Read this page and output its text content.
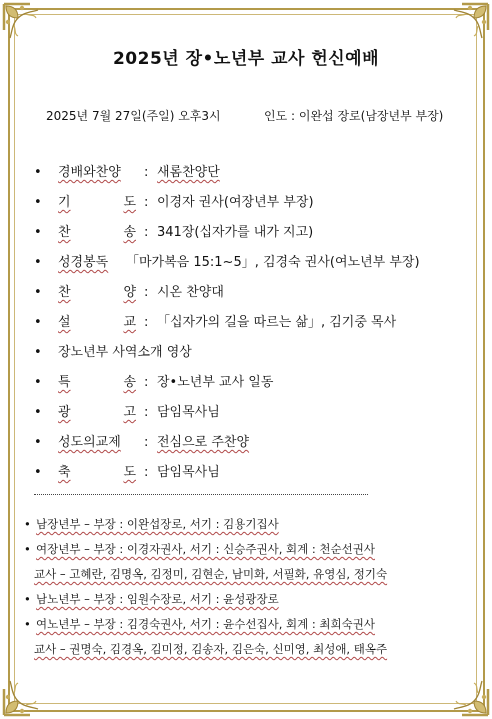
2025년 장•노년부 교사 헌신예배
2025년 7월 27일(주일) 오후3시	인도 : 이완섭 장로(남장년부 부장)
•	경배와찬양 : 새롬찬양단
•	기	도 : 이경자 권사(여장년부 부장)
•	찬	송 : 341장(십자가를 내가 지고)
•	성경봉독 「마가복음 15:1~5」, 김경숙 권사(여노년부 부장)
•	찬	양 : 시온 찬양대
•	설	교 : 「십자가의 길을 따르는 삶」, 김기중 목사
•	장노년부 사역소개 영상
•	특	송 : 장•노년부 교사 일동
•	광	고 : 담임목사님
•	성도의교제 : 전심으로 주찬양
•	축	도 : 담임목사님
• 남장년부 – 부장 : 이완섭장로, 서기 : 김용기집사
• 여장년부 – 부장 : 이경자권사, 서기 : 신승주권사, 회계 : 천순선권사
교사 – 고혜란, 김명옥, 김정미, 김현순, 남미화, 서필화, 유영심, 정기숙
• 남노년부 – 부장 : 임원수장로, 서기 : 윤성광장로
• 여노년부 – 부장 : 김경숙권사, 서기 : 윤수선집사, 회계 : 최희숙권사
교사 – 권명숙, 김경옥, 김미정, 김송자, 김은숙, 신미영, 최성애, 태옥주
